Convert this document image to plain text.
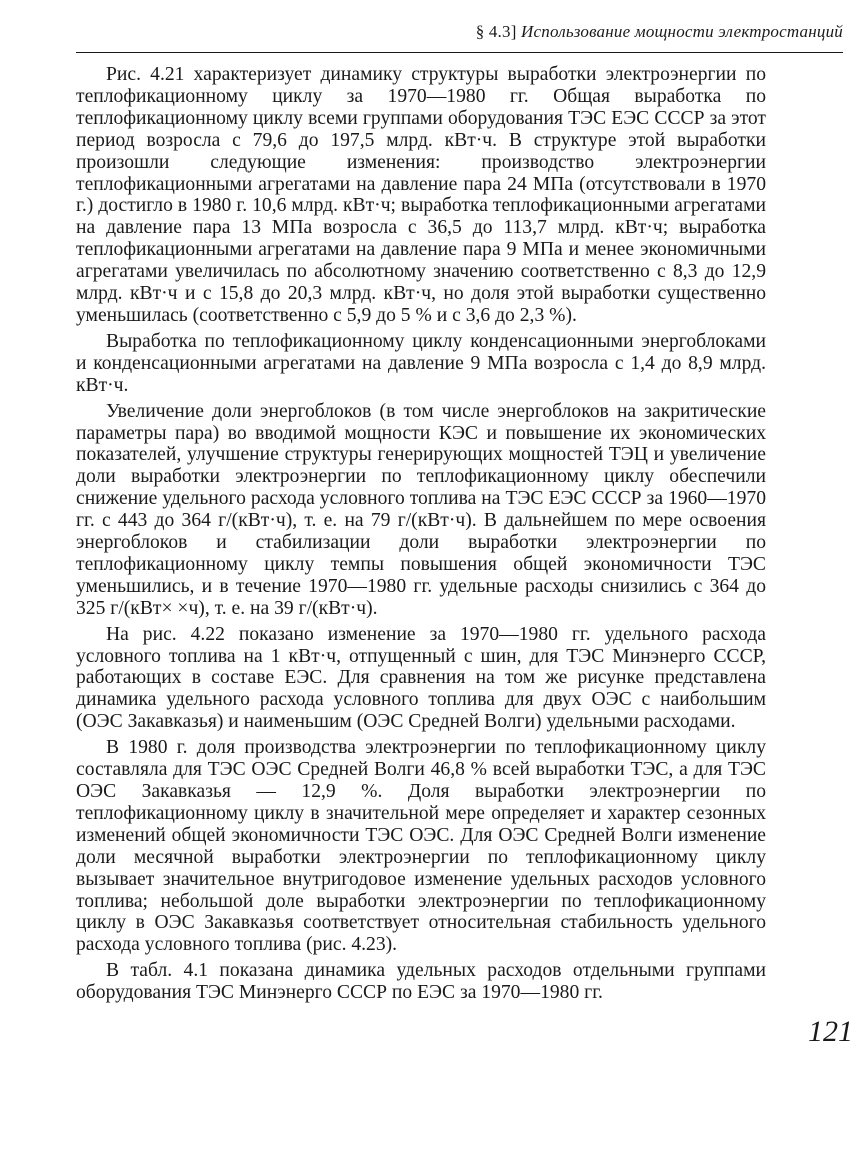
§ 4.3] Использование мощности электростанций

Рис. 4.21 характеризует динамику структуры выработки электроэнергии по теплофикационному циклу за 1970—1980 гг. Общая выработка по теплофикационному циклу всеми группами оборудования ТЭС ЕЭС СССР за этот период возросла с 79,6 до 197,5 млрд. кВт·ч. В структуре этой выработки произошли следующие изменения: производство электроэнергии теплофикационными агрегатами на давление пара 24 МПа (отсутствовали в 1970 г.) достигло в 1980 г. 10,6 млрд. кВт·ч; выработка теплофикационными агрегатами на давление пара 13 МПа возросла с 36,5 до 113,7 млрд. кВт·ч; выработка теплофикационными агрегатами на давление пара 9 МПа и менее экономичными агрегатами увеличилась по абсолютному значению соответственно с 8,3 до 12,9 млрд. кВт·ч и с 15,8 до 20,3 млрд. кВт·ч, но доля этой выработки существенно уменьшилась (соответственно с 5,9 до 5 % и с 3,6 до 2,3 %).

Выработка по теплофикационному циклу конденсационными энергоблоками и конденсационными агрегатами на давление 9 МПа возросла с 1,4 до 8,9 млрд. кВт·ч.

Увеличение доли энергоблоков (в том числе энергоблоков на закритические параметры пара) во вводимой мощности КЭС и повышение их экономических показателей, улучшение структуры генерирующих мощностей ТЭЦ и увеличение доли выработки электроэнергии по теплофикационному циклу обеспечили снижение удельного расхода условного топлива на ТЭС ЕЭС СССР за 1960—1970 гг. с 443 до 364 г/(кВт·ч), т. е. на 79 г/(кВт·ч). В дальнейшем по мере освоения энергоблоков и стабилизации доли выработки электроэнергии по теплофикационному циклу темпы повышения общей экономичности ТЭС уменьшились, и в течение 1970—1980 гг. удельные расходы снизились с 364 до 325 г/(кВт× ×ч), т. е. на 39 г/(кВт·ч).

На рис. 4.22 показано изменение за 1970—1980 гг. удельного расхода условного топлива на 1 кВт·ч, отпущенный с шин, для ТЭС Минэнерго СССР, работающих в составе ЕЭС. Для сравнения на том же рисунке представлена динамика удельного расхода условного топлива для двух ОЭС с наибольшим (ОЭС Закавказья) и наименьшим (ОЭС Средней Волги) удельными расходами.

В 1980 г. доля производства электроэнергии по теплофикационному циклу составляла для ТЭС ОЭС Средней Волги 46,8 % всей выработки ТЭС, а для ТЭС ОЭС Закавказья — 12,9 %. Доля выработки электроэнергии по теплофикационному циклу в значительной мере определяет и характер сезонных изменений общей экономичности ТЭС ОЭС. Для ОЭС Средней Волги изменение доли месячной выработки электроэнергии по теплофикационному циклу вызывает значительное внутригодовое изменение удельных расходов условного топлива; небольшой доле выработки электроэнергии по теплофикационному циклу в ОЭС Закавказья соответствует относительная стабильность удельного расхода условного топлива (рис. 4.23).

В табл. 4.1 показана динамика удельных расходов отдельными группами оборудования ТЭС Минэнерго СССР по ЕЭС за 1970—1980 гг.

121
